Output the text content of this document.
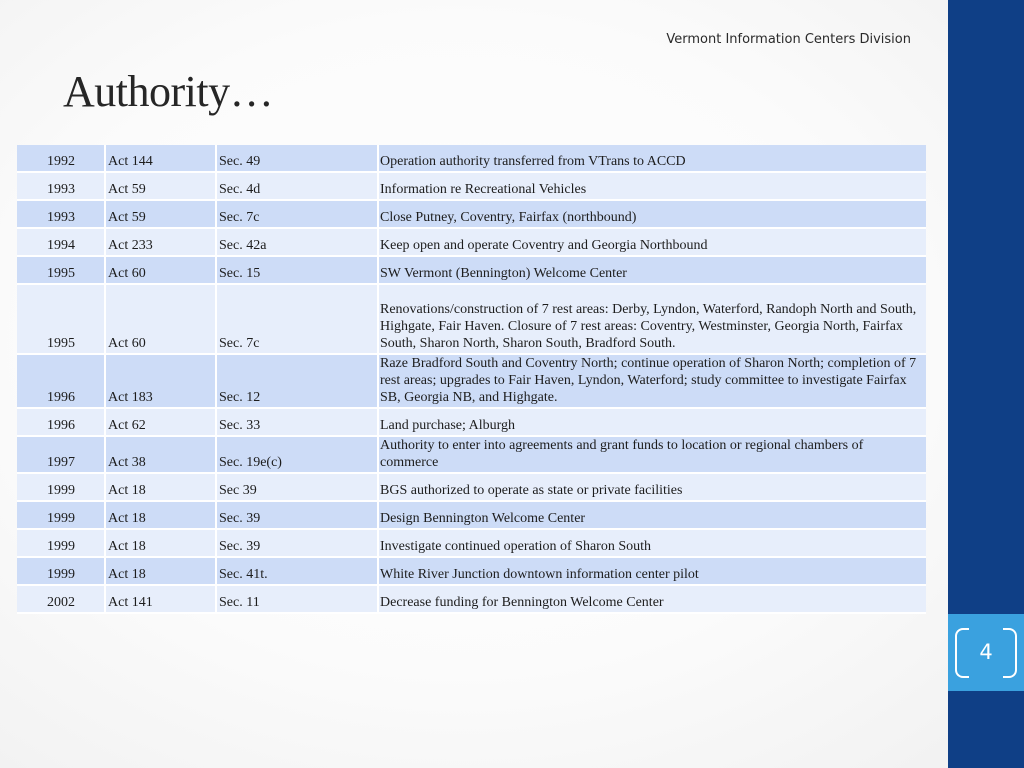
Vermont Information Centers Division
Authority…
1992	Act 144	Sec. 49	Operation authority transferred from VTrans to ACCD
1993	Act 59	Sec. 4d	Information re Recreational Vehicles
1993	Act 59	Sec. 7c	Close Putney, Coventry, Fairfax (northbound)
1994	Act 233	Sec. 42a	Keep open and operate Coventry and Georgia Northbound
1995	Act 60	Sec. 15	SW Vermont (Bennington) Welcome Center
1995	Act 60	Sec. 7c	Renovations/construction of 7 rest areas: Derby, Lyndon, Waterford, Randoph North and South, Highgate, Fair Haven. Closure of 7 rest areas: Coventry, Westminster, Georgia North, Fairfax South, Sharon North, Sharon South, Bradford South.
1996	Act 183	Sec. 12	Raze Bradford South and Coventry North; continue operation of Sharon North; completion of 7 rest areas; upgrades to Fair Haven, Lyndon, Waterford; study committee to investigate Fairfax SB, Georgia NB, and Highgate.
1996	Act 62	Sec. 33	Land purchase; Alburgh
1997	Act 38	Sec. 19e(c)	Authority to enter into agreements and grant funds to location or regional chambers of commerce
1999	Act 18	Sec 39	BGS authorized to operate as state or private facilities
1999	Act 18	Sec. 39	Design Bennington Welcome Center
1999	Act 18	Sec. 39	Investigate continued operation of Sharon South
1999	Act 18	Sec. 41t.	White River Junction downtown information center pilot
2002	Act 141	Sec. 11	Decrease funding for Bennington Welcome Center
4
